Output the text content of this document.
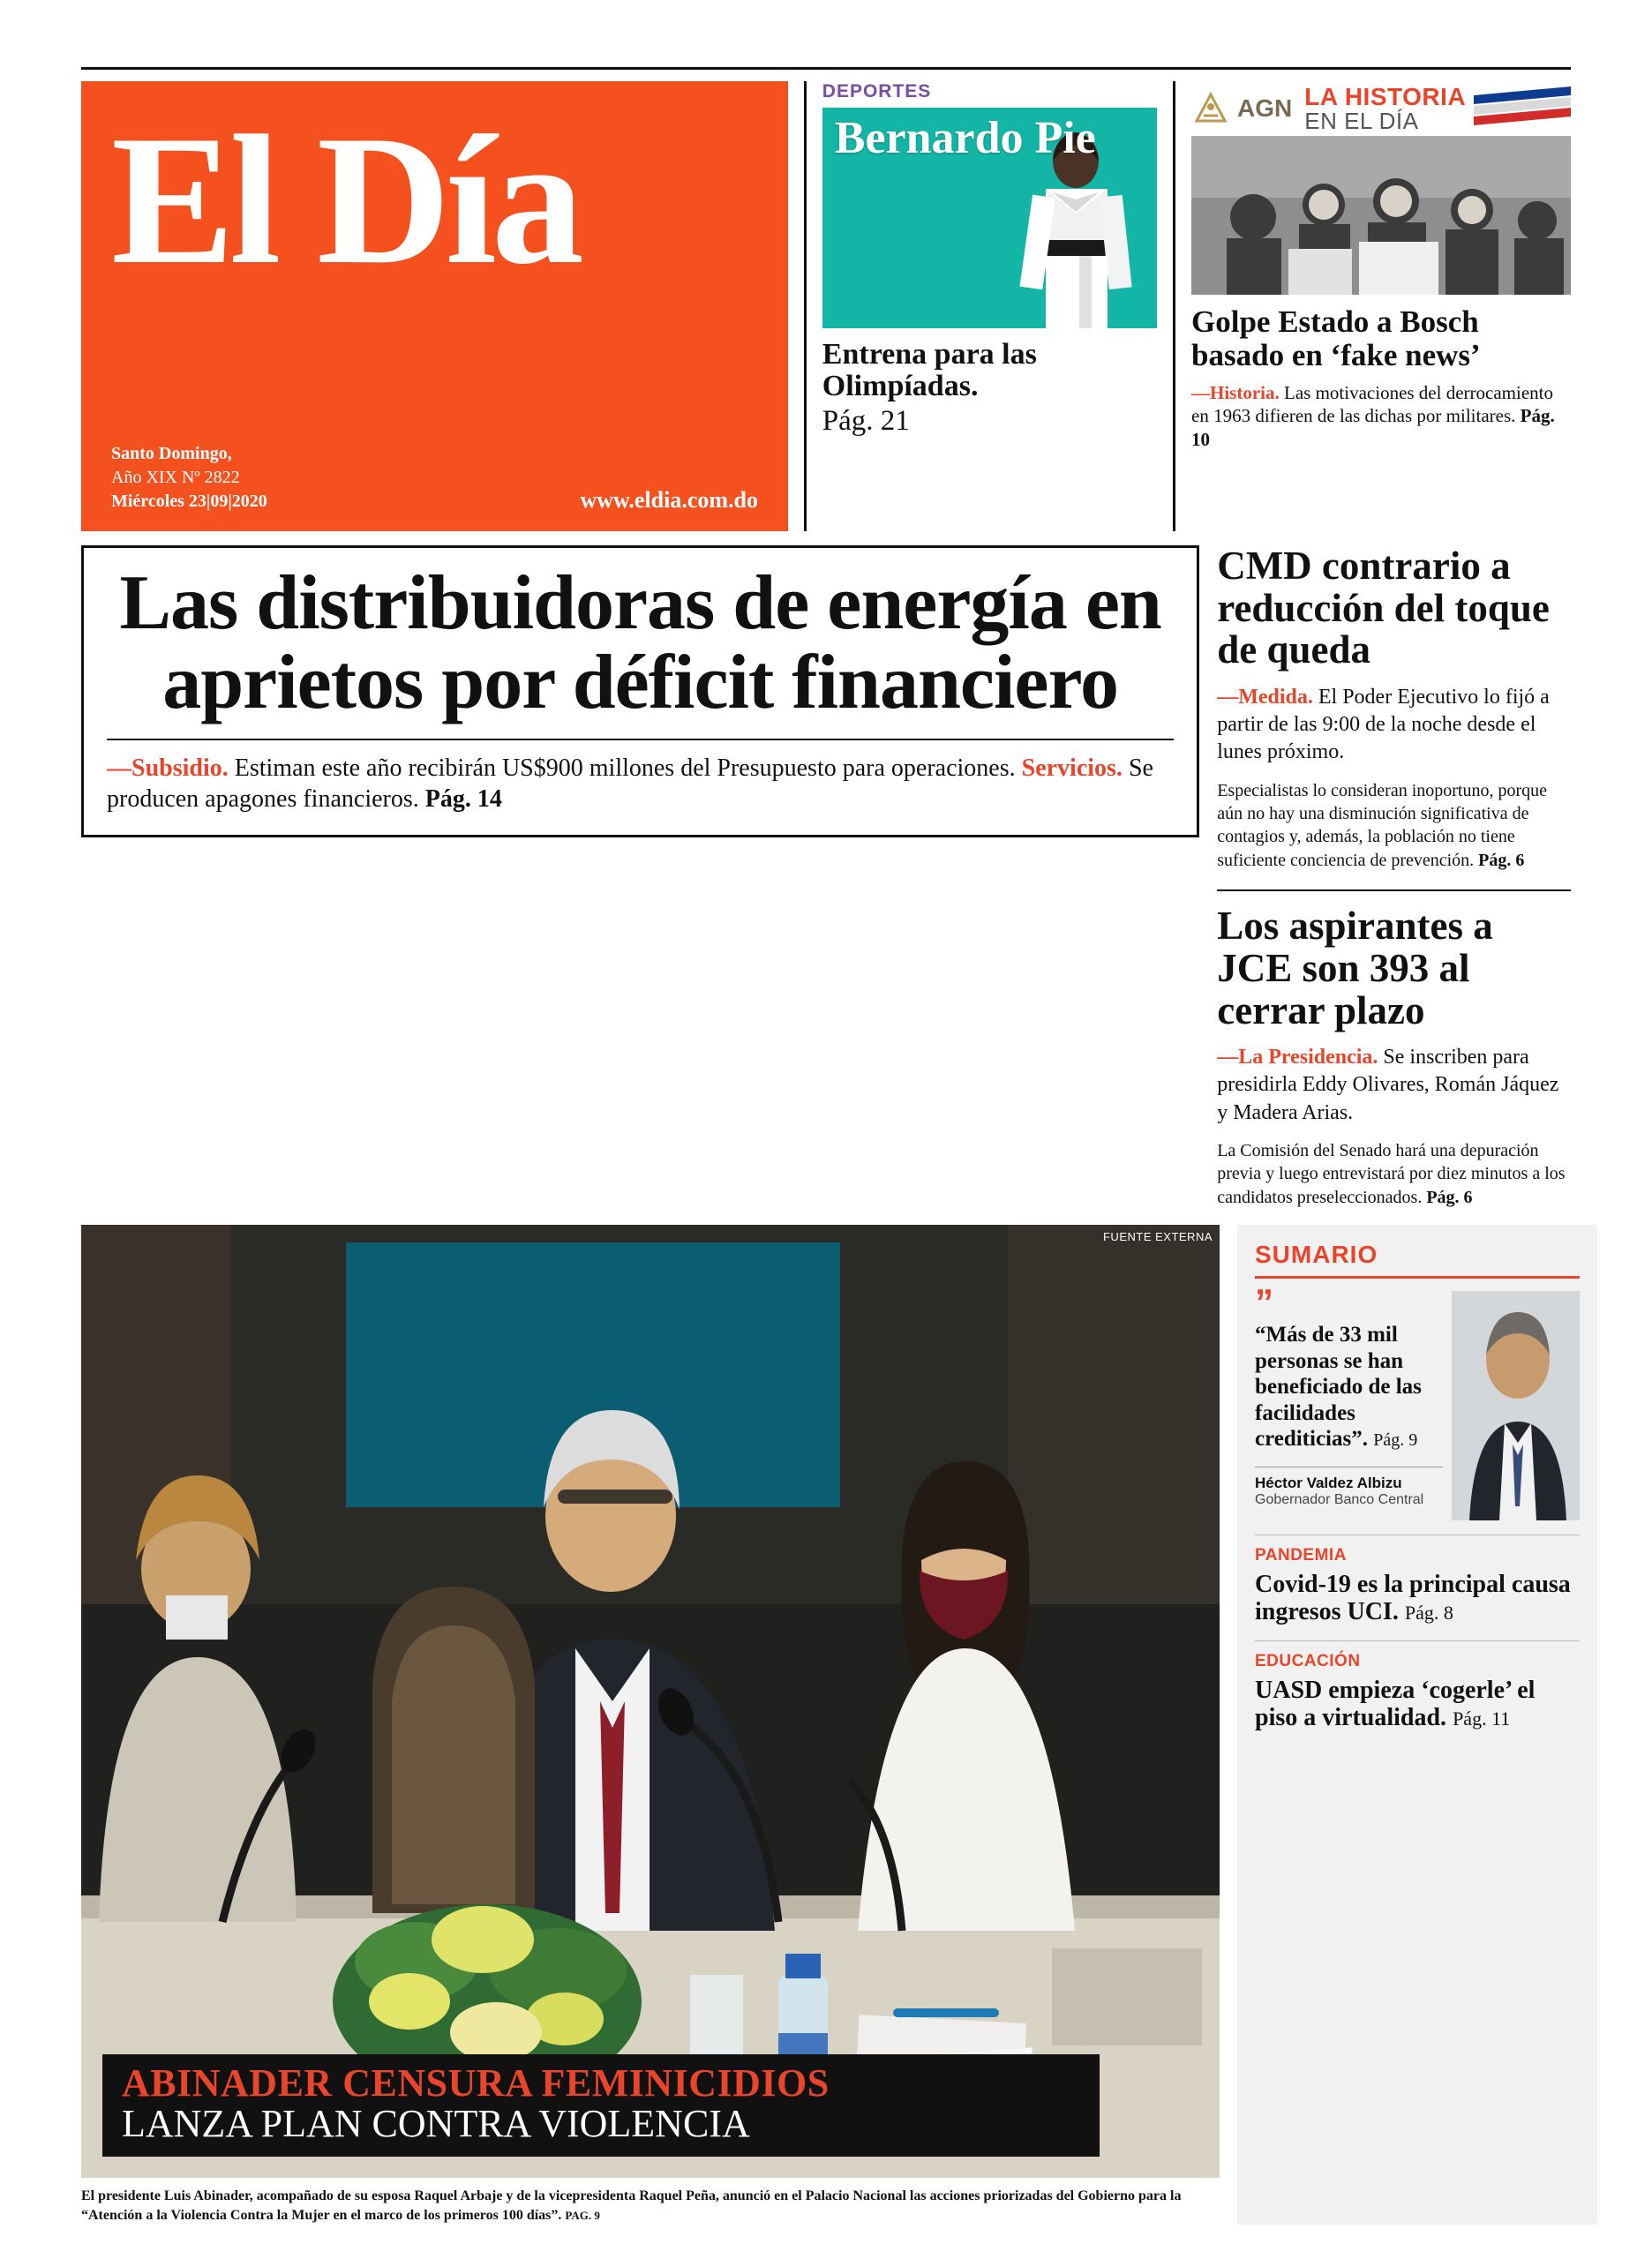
El Día
Santo Domingo,
Año XIX Nº 2822
Miércoles 23|09|2020	www.eldia.com.do
DEPORTES
Bernardo Pie
Entrena para las Olimpíadas.
Pág. 21
AGN LA HISTORIA
EN EL DÍA
Golpe Estado a Bosch basado en ‘fake news’
—Historia. Las motivaciones del derrocamiento en 1963 difieren de las dichas por militares. Pág. 10
Las distribuidoras de energía en aprietos por déficit financiero
—Subsidio. Estiman este año recibirán US$900 millones del Presupuesto para operaciones. Servicios. Se producen apagones financieros. Pág. 14
CMD contrario a reducción del toque de queda
—Medida. El Poder Ejecutivo lo fijó a partir de las 9:00 de la noche desde el lunes próximo.
Especialistas lo consideran inoportuno, porque aún no hay una disminución significativa de contagios y, además, la población no tiene suficiente conciencia de prevención. Pág. 6
Los aspirantes a JCE son 393 al cerrar plazo
—La Presidencia. Se inscriben para presidirla Eddy Olivares, Román Jáquez y Madera Arias.
La Comisión del Senado hará una depuración previa y luego entrevistará por diez minutos a los candidatos preseleccionados. Pág. 6
FUENTE EXTERNA
ABINADER CENSURA FEMINICIDIOS
LANZA PLAN CONTRA VIOLENCIA
El presidente Luis Abinader, acompañado de su esposa Raquel Arbaje y de la vicepresidenta Raquel Peña, anunció en el Palacio Nacional las acciones priorizadas del Gobierno para la “Atención a la Violencia Contra la Mujer en el marco de los primeros 100 días”. PAG. 9
SUMARIO
”
“Más de 33 mil personas se han beneficiado de las facilidades crediticias”. Pág. 9
Héctor Valdez Albizu
Gobernador Banco Central
PANDEMIA
Covid-19 es la principal causa ingresos UCI. Pág. 8
EDUCACIÓN
UASD empieza ‘cogerle’ el piso a virtualidad. Pág. 11
